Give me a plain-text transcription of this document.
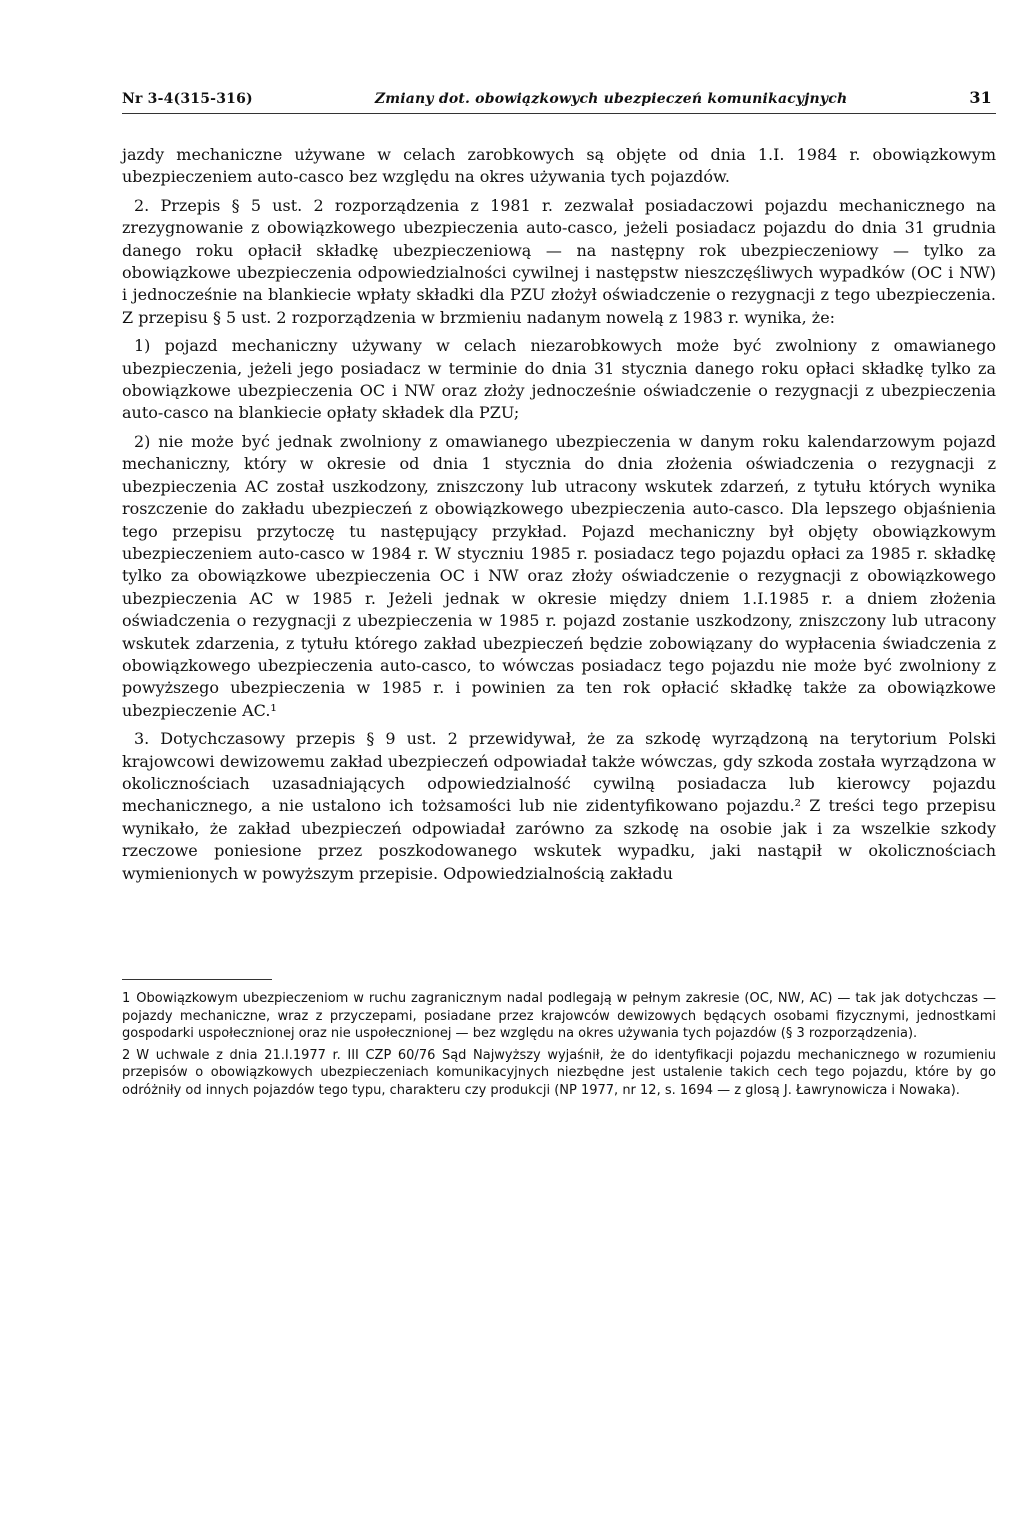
Nr 3-4(315-316)	Zmiany dot. obowiązkowych ubezpieczeń komunikacyjnych	31

jazdy mechaniczne używane w celach zarobkowych są objęte od dnia 1.I. 1984 r. obowiązkowym ubezpieczeniem auto-casco bez względu na okres używania tych pojazdów.

2. Przepis § 5 ust. 2 rozporządzenia z 1981 r. zezwalał posiadaczowi pojazdu mechanicznego na zrezygnowanie z obowiązkowego ubezpieczenia auto-casco, jeżeli posiadacz pojazdu do dnia 31 grudnia danego roku opłacił składkę ubezpieczeniową — na następny rok ubezpieczeniowy — tylko za obowiązkowe ubezpieczenia odpowiedzialności cywilnej i następstw nieszczęśliwych wypadków (OC i NW) i jednocześnie na blankiecie wpłaty składki dla PZU złożył oświadczenie o rezygnacji z tego ubezpieczenia. Z przepisu § 5 ust. 2 rozporządzenia w brzmieniu nadanym nowelą z 1983 r. wynika, że:

1) pojazd mechaniczny używany w celach niezarobkowych może być zwolniony z omawianego ubezpieczenia, jeżeli jego posiadacz w terminie do dnia 31 stycznia danego roku opłaci składkę tylko za obowiązkowe ubezpieczenia OC i NW oraz złoży jednocześnie oświadczenie o rezygnacji z ubezpieczenia auto-casco na blankiecie opłaty składek dla PZU;

2) nie może być jednak zwolniony z omawianego ubezpieczenia w danym roku kalendarzowym pojazd mechaniczny, który w okresie od dnia 1 stycznia do dnia złożenia oświadczenia o rezygnacji z ubezpieczenia AC został uszkodzony, zniszczony lub utracony wskutek zdarzeń, z tytułu których wynika roszczenie do zakładu ubezpieczeń z obowiązkowego ubezpieczenia auto-casco. Dla lepszego objaśnienia tego przepisu przytoczę tu następujący przykład. Pojazd mechaniczny był objęty obowiązkowym ubezpieczeniem auto-casco w 1984 r. W styczniu 1985 r. posiadacz tego pojazdu opłaci za 1985 r. składkę tylko za obowiązkowe ubezpieczenia OC i NW oraz złoży oświadczenie o rezygnacji z obowiązkowego ubezpieczenia AC w 1985 r. Jeżeli jednak w okresie między dniem 1.I.1985 r. a dniem złożenia oświadczenia o rezygnacji z ubezpieczenia w 1985 r. pojazd zostanie uszkodzony, zniszczony lub utracony wskutek zdarzenia, z tytułu którego zakład ubezpieczeń będzie zobowiązany do wypłacenia świadczenia z obowiązkowego ubezpieczenia auto-casco, to wówczas posiadacz tego pojazdu nie może być zwolniony z powyższego ubezpieczenia w 1985 r. i powinien za ten rok opłacić składkę także za obowiązkowe ubezpieczenie AC.¹

3. Dotychczasowy przepis § 9 ust. 2 przewidywał, że za szkodę wyrządzoną na terytorium Polski krajowcowi dewizowemu zakład ubezpieczeń odpowiadał także wówczas, gdy szkoda została wyrządzona w okolicznościach uzasadniających odpowiedzialność cywilną posiadacza lub kierowcy pojazdu mechanicznego, a nie ustalono ich tożsamości lub nie zidentyfikowano pojazdu.² Z treści tego przepisu wynikało, że zakład ubezpieczeń odpowiadał zarówno za szkodę na osobie jak i za wszelkie szkody rzeczowe poniesione przez poszkodowanego wskutek wypadku, jaki nastąpił w okolicznościach wymienionych w powyższym przepisie. Odpowiedzialnością zakładu

1 Obowiązkowym ubezpieczeniom w ruchu zagranicznym nadal podlegają w pełnym zakresie (OC, NW, AC) — tak jak dotychczas — pojazdy mechaniczne, wraz z przyczepami, posiadane przez krajowców dewizowych będących osobami fizycznymi, jednostkami gospodarki uspołecznionej oraz nie uspołecznionej — bez względu na okres używania tych pojazdów (§ 3 rozporządzenia).

2 W uchwale z dnia 21.I.1977 r. III CZP 60/76 Sąd Najwyższy wyjaśnił, że do identyfikacji pojazdu mechanicznego w rozumieniu przepisów o obowiązkowych ubezpieczeniach komunikacyjnych niezbędne jest ustalenie takich cech tego pojazdu, które by go odróżniły od innych pojazdów tego typu, charakteru czy produkcji (NP 1977, nr 12, s. 1694 — z glosą J. Ławrynowicza i Nowaka).
